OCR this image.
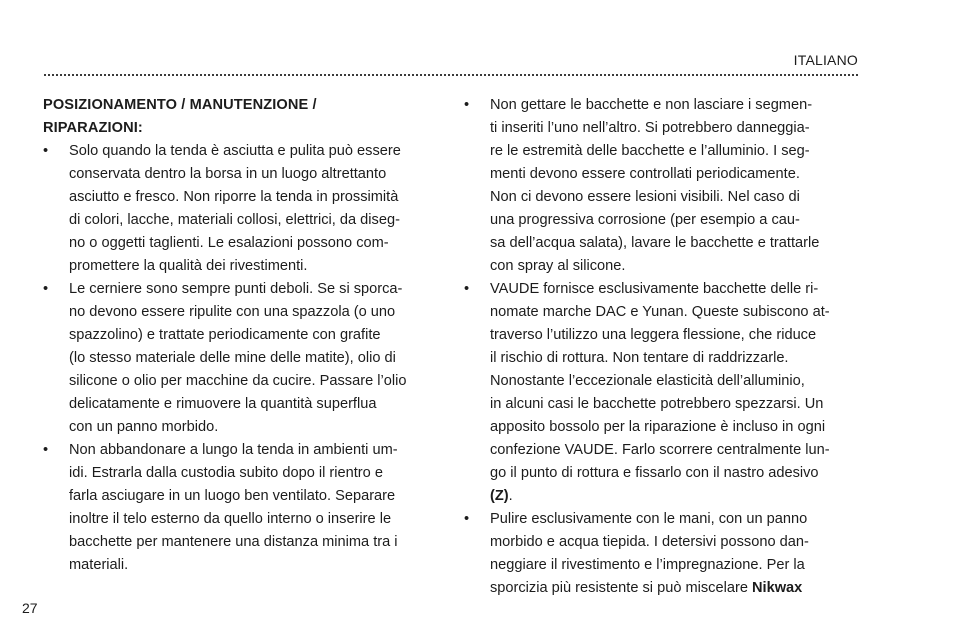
ITALIANO
POSIZIONAMENTO / MANUTENZIONE /
RIPARAZIONI:
• Solo quando la tenda è asciutta e pulita può essere
conservata dentro la borsa in un luogo altrettanto
asciutto e fresco. Non riporre la tenda in prossimità
di colori, lacche, materiali collosi, elettrici, da diseg-
no o oggetti taglienti. Le esalazioni possono com-
promettere la qualità dei rivestimenti.
• Le cerniere sono sempre punti deboli. Se si sporca-
no devono essere ripulite con una spazzola (o uno
spazzolino) e trattate periodicamente con grafite
(lo stesso materiale delle mine delle matite), olio di
silicone o olio per macchine da cucire. Passare l’olio
delicatamente e rimuovere la quantità superflua
con un panno morbido.
• Non abbandonare a lungo la tenda in ambienti um-
idi. Estrarla dalla custodia subito dopo il rientro e
farla asciugare in un luogo ben ventilato. Separare
inoltre il telo esterno da quello interno o inserire le
bacchette per mantenere una distanza minima tra i
materiali.
• Non gettare le bacchette e non lasciare i segmen-
ti inseriti l’uno nell’altro. Si potrebbero danneggia-
re le estremità delle bacchette e l’alluminio. I seg-
menti devono essere controllati periodicamente.
Non ci devono essere lesioni visibili. Nel caso di
una progressiva corrosione (per esempio a cau-
sa dell’acqua salata), lavare le bacchette e trattarle
con spray al silicone.
• VAUDE fornisce esclusivamente bacchette delle ri-
nomate marche DAC e Yunan. Queste subiscono at-
traverso l’utilizzo una leggera flessione, che riduce
il rischio di rottura. Non tentare di raddrizzarle.
Nonostante l’eccezionale elasticità dell’alluminio,
in alcuni casi le bacchette potrebbero spezzarsi. Un
apposito bossolo per la riparazione è incluso in ogni
confezione VAUDE. Farlo scorrere centralmente lun-
go il punto di rottura e fissarlo con il nastro adesivo
(Z).
• Pulire esclusivamente con le mani, con un panno
morbido e acqua tiepida. I detersivi possono dan-
neggiare il rivestimento e l’impregnazione. Per la
sporcizia più resistente si può miscelare Nikwax
27
